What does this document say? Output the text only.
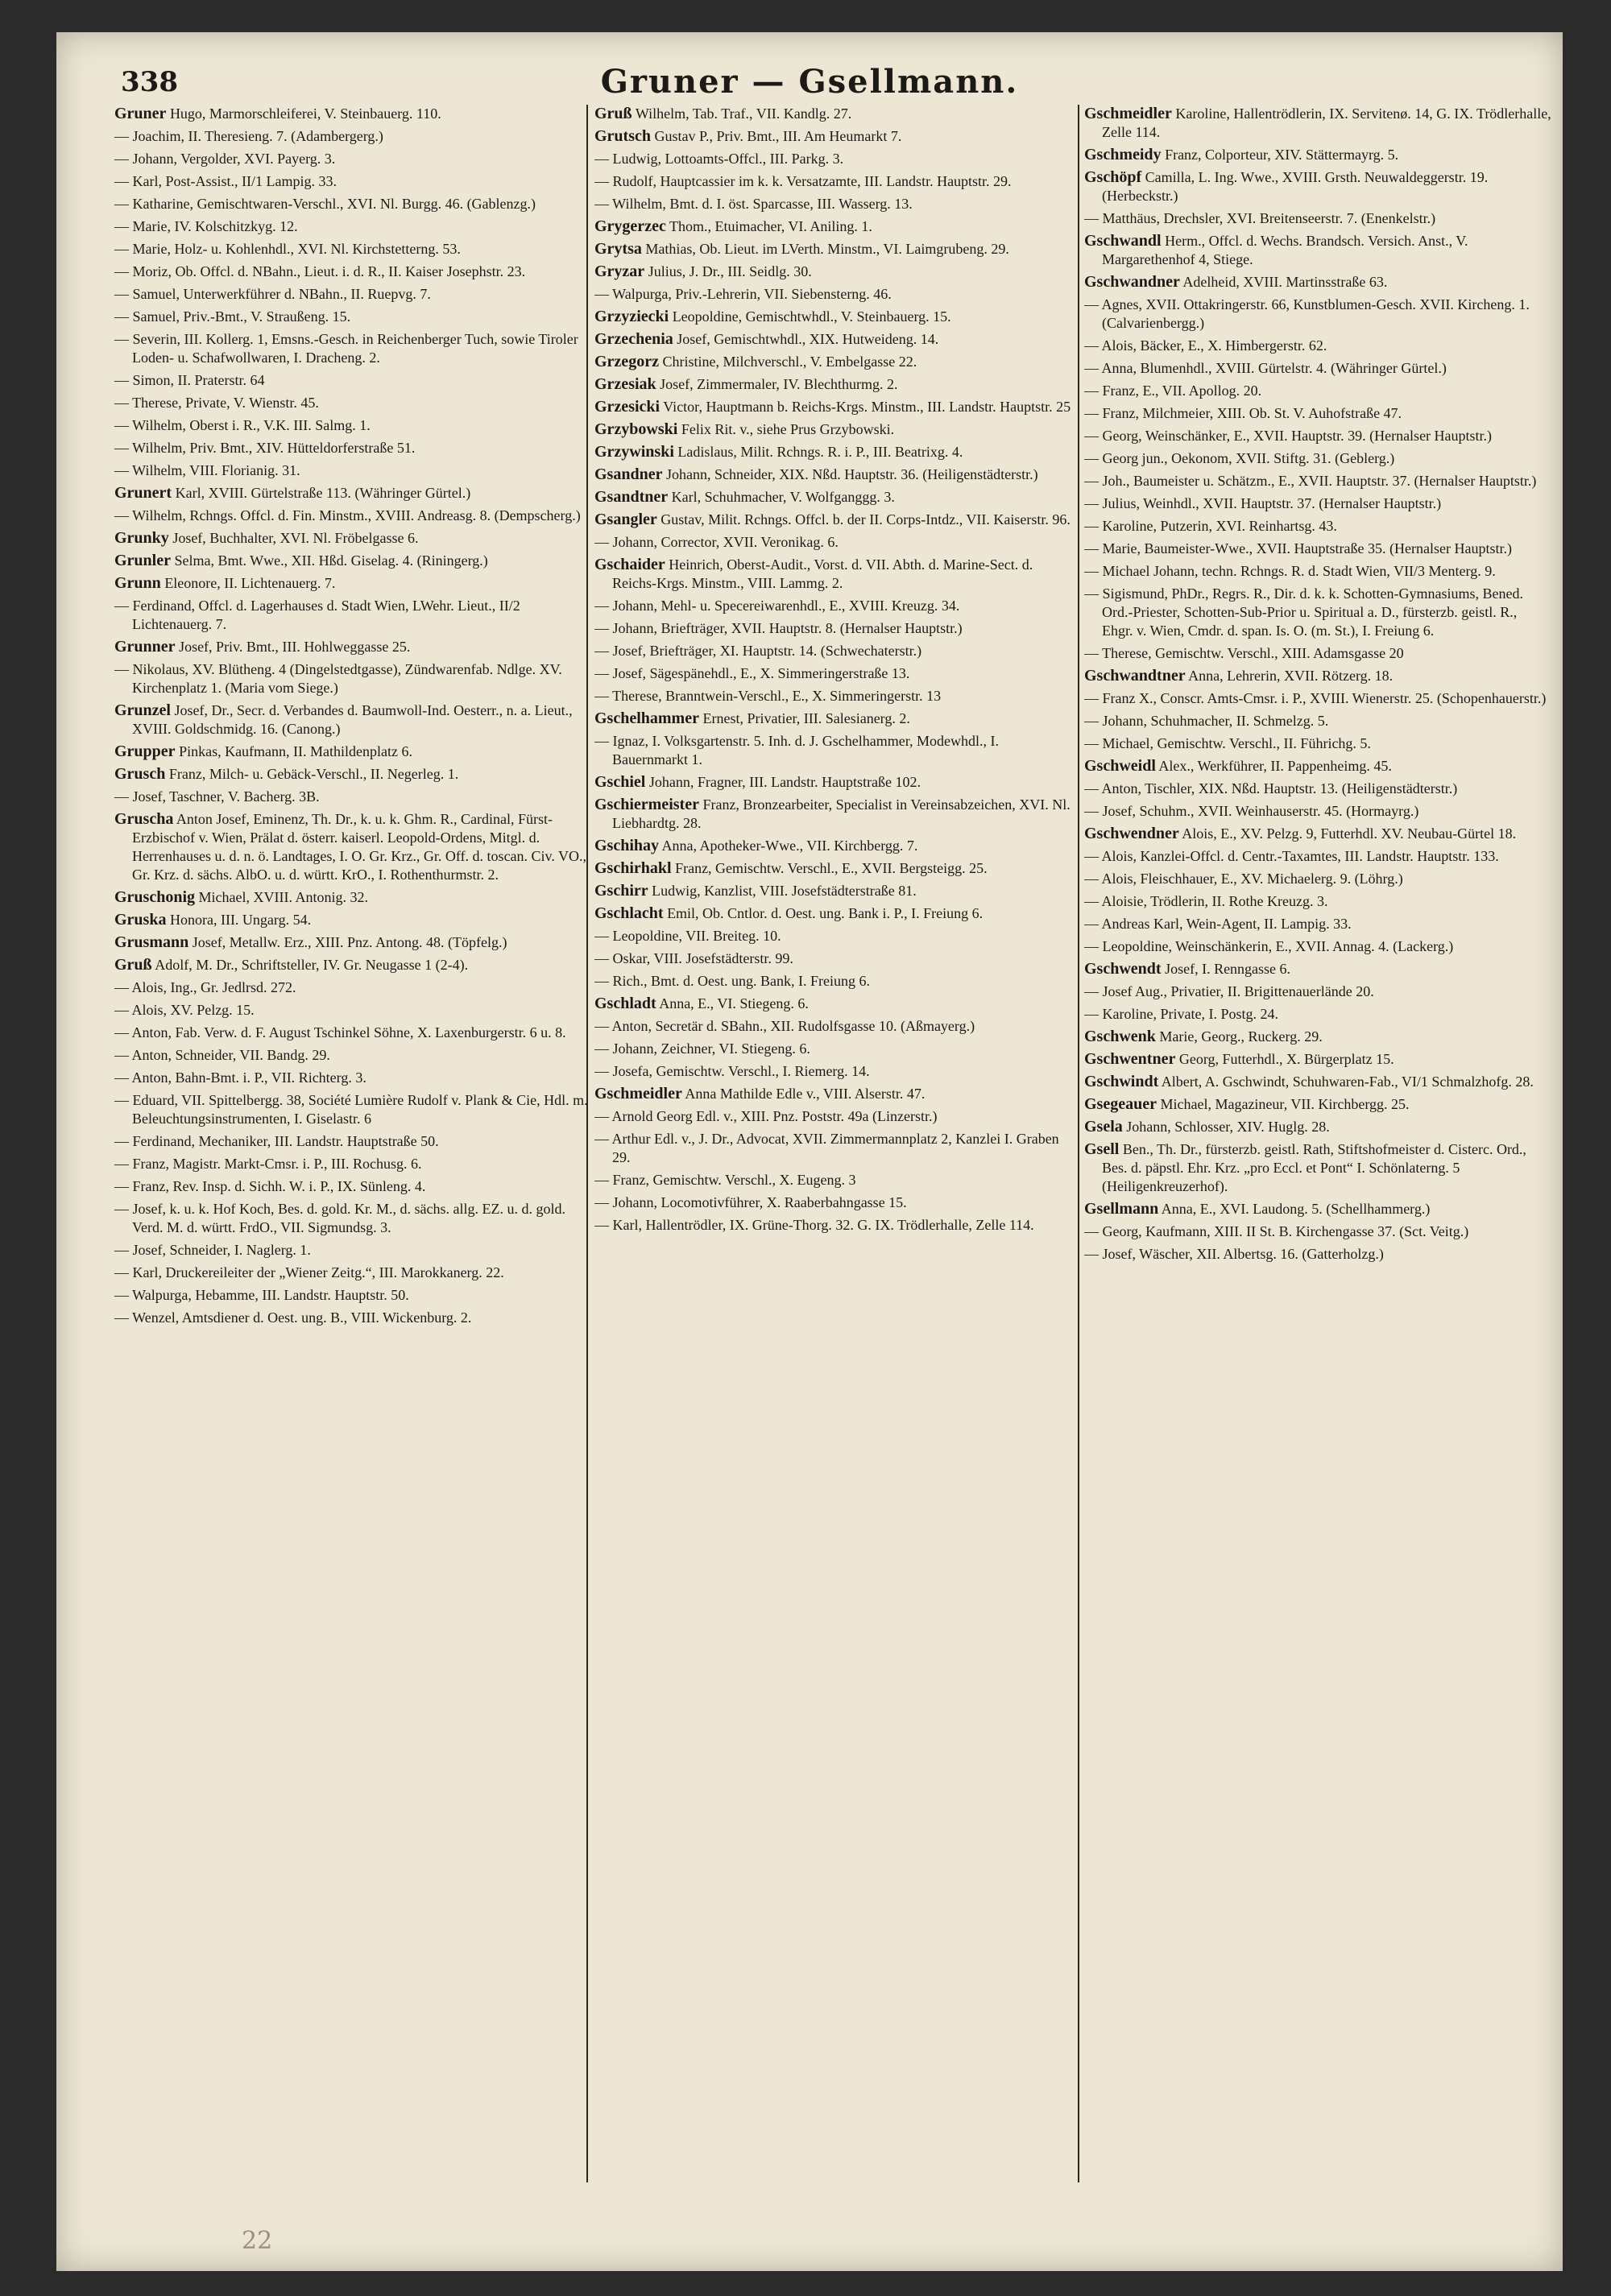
338	Gruner — Gsellmann.
Gruner Hugo, Marmorschleiferei, V. Steinbauerg. 110.
— Joachim, II. Theresieng. 7. (Adambergerg.)
— Johann, Vergolder, XVI. Payerg. 3.
— Karl, Post-Assist., II/1 Lampig. 33.
— Katharine, Gemischtwaren-Verschl., XVI. Nl. Burgg. 46. (Gablenzg.)
— Marie, IV. Kolschitzkyg. 12.
— Marie, Holz- u. Kohlenhdl., XVI. Nl. Kirchstetterng. 53.
— Moriz, Ob. Offcl. d. NBahn., Lieut. i. d. R., II. Kaiser Josephstr. 23.
— Samuel, Unterwerkführer d. NBahn., II. Ruepvg. 7.
— Samuel, Priv.-Bmt., V. Straußeng. 15.
— Severin, III. Kollerg. 1, Emsns.-Gesch. in Reichenberger Tuch, sowie Tiroler Loden- u. Schafwollwaren, I. Dracheng. 2.
— Simon, II. Praterstr. 64
— Therese, Private, V. Wienstr. 45.
— Wilhelm, Oberst i. R., V.K. III. Salmg. 1.
— Wilhelm, Priv. Bmt., XIV. Hütteldorferstraße 51.
— Wilhelm, VIII. Florianig. 31.
Grunert Karl, XVIII. Gürtelstraße 113. (Währinger Gürtel.)
— Wilhelm, Rchngs. Offcl. d. Fin. Minstm., XVIII. Andreasg. 8. (Dempscherg.)
Grunky Josef, Buchhalter, XVI. Nl. Fröbelgasse 6.
Grunler Selma, Bmt. Wwe., XII. Hßd. Giselag. 4. (Riningerg.)
Grunn Eleonore, II. Lichtenauerg. 7.
— Ferdinand, Offcl. d. Lagerhauses d. Stadt Wien, LWehr. Lieut., II/2 Lichtenauerg. 7.
Grunner Josef, Priv. Bmt., III. Hohlweggasse 25.
— Nikolaus, XV. Blütheng. 4 (Dingelstedtgasse), Zündwarenfab. Ndlge. XV. Kirchenplatz 1. (Maria vom Siege.)
Grunzel Josef, Dr., Secr. d. Verbandes d. Baumwoll-Ind. Oesterr., n. a. Lieut., XVIII. Goldschmidg. 16. (Canong.)
Grupper Pinkas, Kaufmann, II. Mathildenplatz 6.
Grusch Franz, Milch- u. Gebäck-Verschl., II. Negerleg. 1.
— Josef, Taschner, V. Bacherg. 3B.
Gruscha Anton Josef, Eminenz, Th. Dr., k. u. k. Ghm. R., Cardinal, Fürst-Erzbischof v. Wien, Prälat d. österr. kaiserl. Leopold-Ordens, Mitgl. d. Herrenhauses u. d. n. ö. Landtages, I. O. Gr. Krz., Gr. Off. d. toscan. Civ. VO., Gr. Krz. d. sächs. AlbO. u. d. württ. KrO., I. Rothenthurmstr. 2.
Gruschonig Michael, XVIII. Antonig. 32.
Gruska Honora, III. Ungarg. 54.
Grusmann Josef, Metallw. Erz., XIII. Pnz. Antong. 48. (Töpfelg.)
Gruß Adolf, M. Dr., Schriftsteller, IV. Gr. Neugasse 1 (2-4).
— Alois, Ing., Gr. Jedlrsd. 272.
— Alois, XV. Pelzg. 15.
— Anton, Fab. Verw. d. F. August Tschinkel Söhne, X. Laxenburgerstr. 6 u. 8.
— Anton, Schneider, VII. Bandg. 29.
— Anton, Bahn-Bmt. i. P., VII. Richterg. 3.
— Eduard, VII. Spittelbergg. 38, Société Lumière Rudolf v. Plank & Cie, Hdl. m. Beleuchtungsinstrumenten, I. Giselastr. 6
— Ferdinand, Mechaniker, III. Landstr. Hauptstraße 50.
— Franz, Magistr. Markt-Cmsr. i. P., III. Rochusg. 6.
— Franz, Rev. Insp. d. Sichh. W. i. P., IX. Sünleng. 4.
— Josef, k. u. k. Hof Koch, Bes. d. gold. Kr. M., d. sächs. allg. EZ. u. d. gold. Verd. M. d. württ. FrdO., VII. Sigmundsg. 3.
— Josef, Schneider, I. Naglerg. 1.
— Karl, Druckereileiter der „Wiener Zeitg.“, III. Marokkanerg. 22.
— Walpurga, Hebamme, III. Landstr. Hauptstr. 50.
— Wenzel, Amtsdiener d. Oest. ung. B., VIII. Wickenburg. 2.
Gruß Wilhelm, Tab. Traf., VII. Kandlg. 27.
Grutsch Gustav P., Priv. Bmt., III. Am Heumarkt 7.
— Ludwig, Lottoamts-Offcl., III. Parkg. 3.
— Rudolf, Hauptcassier im k. k. Versatzamte, III. Landstr. Hauptstr. 29.
— Wilhelm, Bmt. d. I. öst. Sparcasse, III. Wasserg. 13.
Grygerzec Thom., Etuimacher, VI. Aniling. 1.
Grytsa Mathias, Ob. Lieut. im LVerth. Minstm., VI. Laimgrubeng. 29.
Gryzar Julius, J. Dr., III. Seidlg. 30.
— Walpurga, Priv.-Lehrerin, VII. Siebensterng. 46.
Grzyziecki Leopoldine, Gemischtwhdl., V. Steinbauerg. 15.
Grzechenia Josef, Gemischtwhdl., XIX. Hutweideng. 14.
Grzegorz Christine, Milchverschl., V. Embelgasse 22.
Grzesiak Josef, Zimmermaler, IV. Blechthurmg. 2.
Grzesicki Victor, Hauptmann b. Reichs-Krgs. Minstm., III. Landstr. Hauptstr. 25
Grzybowski Felix Rit. v., siehe Prus Grzybowski.
Grzywinski Ladislaus, Milit. Rchngs. R. i. P., III. Beatrixg. 4.
Gsandner Johann, Schneider, XIX. Nßd. Hauptstr. 36. (Heiligenstädterstr.)
Gsandtner Karl, Schuhmacher, V. Wolfganggg. 3.
Gsangler Gustav, Milit. Rchngs. Offcl. b. der II. Corps-Intdz., VII. Kaiserstr. 96.
— Johann, Corrector, XVII. Veronikag. 6.
Gschaider Heinrich, Oberst-Audit., Vorst. d. VII. Abth. d. Marine-Sect. d. Reichs-Krgs. Minstm., VIII. Lammg. 2.
— Johann, Mehl- u. Specereiwarenhdl., E., XVIII. Kreuzg. 34.
— Johann, Briefträger, XVII. Hauptstr. 8. (Hernalser Hauptstr.)
— Josef, Briefträger, XI. Hauptstr. 14. (Schwechaterstr.)
— Josef, Sägespänehdl., E., X. Simmeringerstraße 13.
— Therese, Branntwein-Verschl., E., X. Simmeringerstr. 13
Gschelhammer Ernest, Privatier, III. Salesianerg. 2.
— Ignaz, I. Volksgartenstr. 5. Inh. d. J. Gschelhammer, Modewhdl., I. Bauernmarkt 1.
Gschiel Johann, Fragner, III. Landstr. Hauptstraße 102.
Gschiermeister Franz, Bronzearbeiter, Specialist in Vereinsabzeichen, XVI. Nl. Liebhardtg. 28.
Gschihay Anna, Apotheker-Wwe., VII. Kirchbergg. 7.
Gschirhakl Franz, Gemischtw. Verschl., E., XVII. Bergsteigg. 25.
Gschirr Ludwig, Kanzlist, VIII. Josefstädterstraße 81.
Gschlacht Emil, Ob. Cntlor. d. Oest. ung. Bank i. P., I. Freiung 6.
— Leopoldine, VII. Breiteg. 10.
— Oskar, VIII. Josefstädterstr. 99.
— Rich., Bmt. d. Oest. ung. Bank, I. Freiung 6.
Gschladt Anna, E., VI. Stiegeng. 6.
— Anton, Secretär d. SBahn., XII. Rudolfsgasse 10. (Aßmayerg.)
— Johann, Zeichner, VI. Stiegeng. 6.
— Josefa, Gemischtw. Verschl., I. Riemerg. 14.
Gschmeidler Anna Mathilde Edle v., VIII. Alserstr. 47.
— Arnold Georg Edl. v., XIII. Pnz. Poststr. 49a (Linzerstr.)
— Arthur Edl. v., J. Dr., Advocat, XVII. Zimmermannplatz 2, Kanzlei I. Graben 29.
— Franz, Gemischtw. Verschl., X. Eugeng. 3
— Johann, Locomotivführer, X. Raaberbahngasse 15.
— Karl, Hallentrödler, IX. Grüne-Thorg. 32. G. IX. Trödlerhalle, Zelle 114.
Gschmeidler Karoline, Hallentrödlerin, IX. Servitenø. 14, G. IX. Trödlerhalle, Zelle 114.
Gschmeidy Franz, Colporteur, XIV. Stättermayrg. 5.
Gschöpf Camilla, L. Ing. Wwe., XVIII. Grsth. Neuwaldeggerstr. 19. (Herbeckstr.)
— Matthäus, Drechsler, XVI. Breitenseerstr. 7. (Enenkelstr.)
Gschwandl Herm., Offcl. d. Wechs. Brandsch. Versich. Anst., V. Margarethenhof 4, Stiege.
Gschwandner Adelheid, XVIII. Martinsstraße 63.
— Agnes, XVII. Ottakringerstr. 66, Kunstblumen-Gesch. XVII. Kircheng. 1. (Calvarienbergg.)
— Alois, Bäcker, E., X. Himbergerstr. 62.
— Anna, Blumenhdl., XVIII. Gürtelstr. 4. (Währinger Gürtel.)
— Franz, E., VII. Apollog. 20.
— Franz, Milchmeier, XIII. Ob. St. V. Auhofstraße 47.
— Georg, Weinschänker, E., XVII. Hauptstr. 39. (Hernalser Hauptstr.)
— Georg jun., Oekonom, XVII. Stiftg. 31. (Geblerg.)
— Joh., Baumeister u. Schätzm., E., XVII. Hauptstr. 37. (Hernalser Hauptstr.)
— Julius, Weinhdl., XVII. Hauptstr. 37. (Hernalser Hauptstr.)
— Karoline, Putzerin, XVI. Reinhartsg. 43.
— Marie, Baumeister-Wwe., XVII. Hauptstraße 35. (Hernalser Hauptstr.)
— Michael Johann, techn. Rchngs. R. d. Stadt Wien, VII/3 Menterg. 9.
— Sigismund, PhDr., Regrs. R., Dir. d. k. k. Schotten-Gymnasiums, Bened. Ord.-Priester, Schotten-Sub-Prior u. Spiritual a. D., fürsterzb. geistl. R., Ehgr. v. Wien, Cmdr. d. span. Is. O. (m. St.), I. Freiung 6.
— Therese, Gemischtw. Verschl., XIII. Adamsgasse 20
Gschwandtner Anna, Lehrerin, XVII. Rötzerg. 18.
— Franz X., Conscr. Amts-Cmsr. i. P., XVIII. Wienerstr. 25. (Schopenhauerstr.)
— Johann, Schuhmacher, II. Schmelzg. 5.
— Michael, Gemischtw. Verschl., II. Führichg. 5.
Gschweidl Alex., Werkführer, II. Pappenheimg. 45.
— Anton, Tischler, XIX. Nßd. Hauptstr. 13. (Heiligenstädterstr.)
— Josef, Schuhm., XVII. Weinhauserstr. 45. (Hormayrg.)
Gschwendner Alois, E., XV. Pelzg. 9, Futterhdl. XV. Neubau-Gürtel 18.
— Alois, Kanzlei-Offcl. d. Centr.-Taxamtes, III. Landstr. Hauptstr. 133.
— Alois, Fleischhauer, E., XV. Michaelerg. 9. (Löhrg.)
— Aloisie, Trödlerin, II. Rothe Kreuzg. 3.
— Andreas Karl, Wein-Agent, II. Lampig. 33.
— Leopoldine, Weinschänkerin, E., XVII. Annag. 4. (Lackerg.)
Gschwendt Josef, I. Renngasse 6.
— Josef Aug., Privatier, II. Brigittenauerlände 20.
— Karoline, Private, I. Postg. 24.
Gschwenk Marie, Georg., Ruckerg. 29.
Gschwentner Georg, Futterhdl., X. Bürgerplatz 15.
Gschwindt Albert, A. Gschwindt, Schuhwaren-Fab., VI/1 Schmalzhofg. 28.
Gsegeauer Michael, Magazineur, VII. Kirchbergg. 25.
Gsela Johann, Schlosser, XIV. Huglg. 28.
Gsell Ben., Th. Dr., fürsterzb. geistl. Rath, Stiftshofmeister d. Cisterc. Ord., Bes. d. päpstl. Ehr. Krz. „pro Eccl. et Pont“ I. Schönlaterng. 5 (Heiligenkreuzerhof).
Gsellmann Anna, E., XVI. Laudong. 5. (Schellhammerg.)
— Georg, Kaufmann, XIII. II St. B. Kirchengasse 37. (Sct. Veitg.)
— Josef, Wäscher, XII. Albertsg. 16. (Gatterholzg.)
22
